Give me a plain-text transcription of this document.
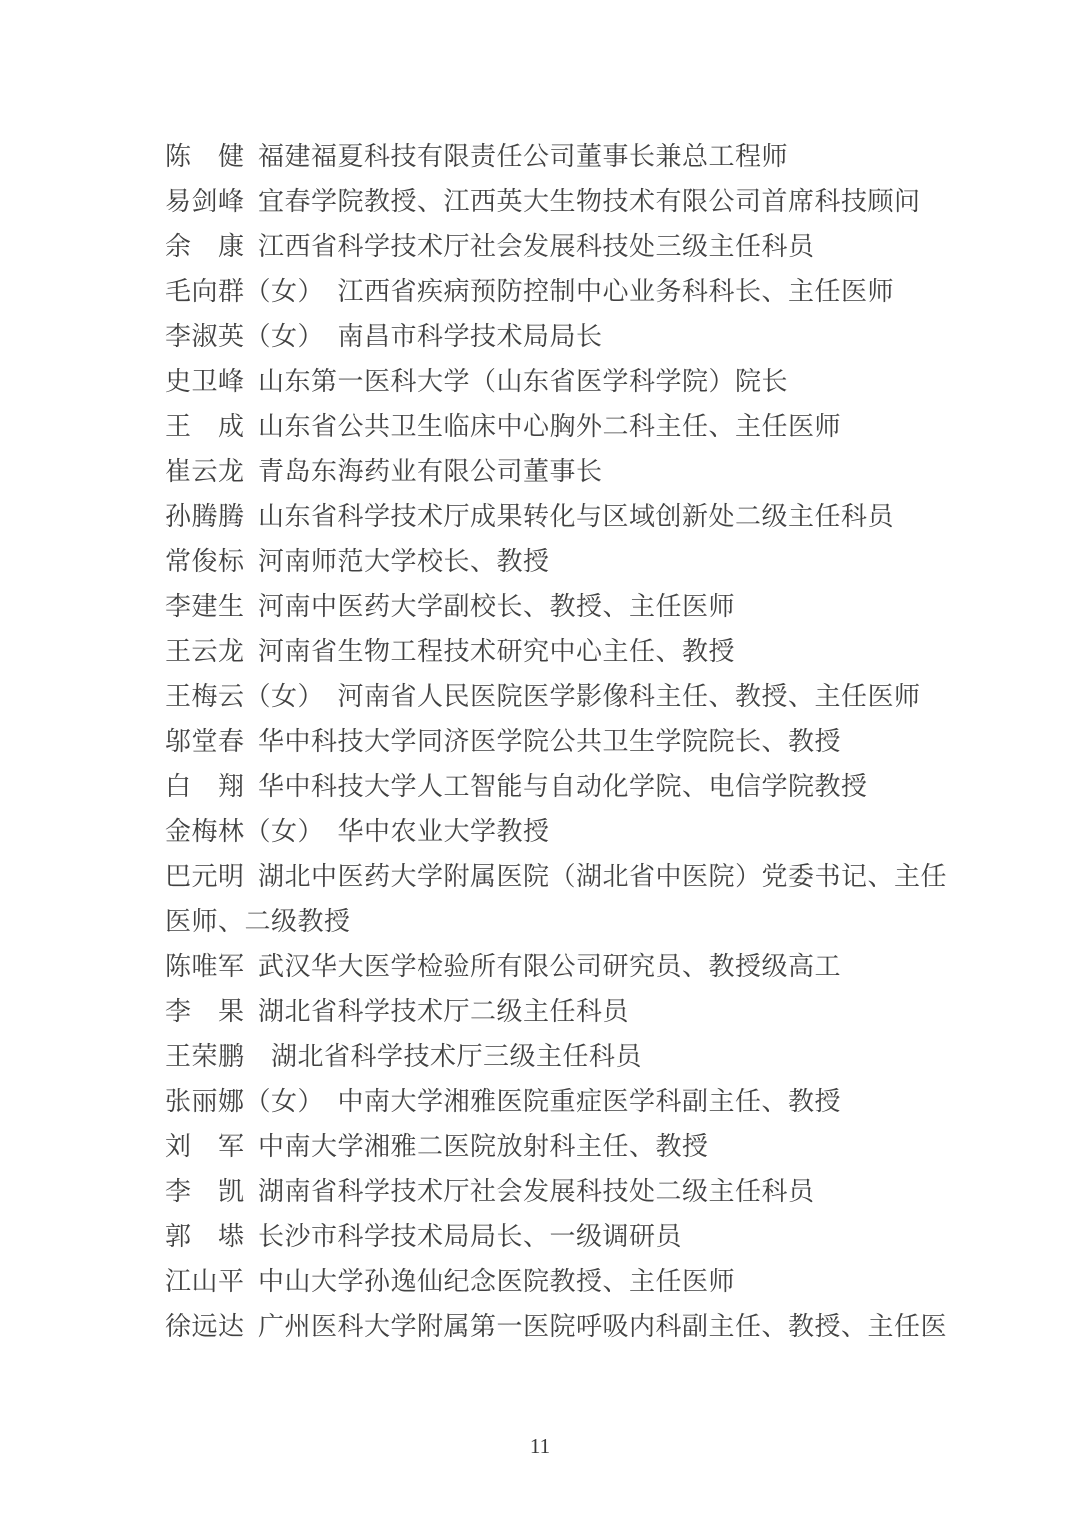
陈　健 福建福夏科技有限责任公司董事长兼总工程师
易剑峰 宜春学院教授、江西英大生物技术有限公司首席科技顾问
余　康 江西省科学技术厅社会发展科技处三级主任科员
毛向群（女）　江西省疾病预防控制中心业务科科长、主任医师
李淑英（女）　南昌市科学技术局局长
史卫峰 山东第一医科大学（山东省医学科学院）院长
王　成 山东省公共卫生临床中心胸外二科主任、主任医师
崔云龙 青岛东海药业有限公司董事长
孙腾腾 山东省科学技术厅成果转化与区域创新处二级主任科员
常俊标 河南师范大学校长、教授
李建生 河南中医药大学副校长、教授、主任医师
王云龙 河南省生物工程技术研究中心主任、教授
王梅云（女）　河南省人民医院医学影像科主任、教授、主任医师
邬堂春 华中科技大学同济医学院公共卫生学院院长、教授
白　翔 华中科技大学人工智能与自动化学院、电信学院教授
金梅林（女）　华中农业大学教授
巴元明 湖北中医药大学附属医院（湖北省中医院）党委书记、主任
医师、二级教授
陈唯军 武汉华大医学检验所有限公司研究员、教授级高工
李　果 湖北省科学技术厅二级主任科员
王荣鹏　湖北省科学技术厅三级主任科员
张丽娜（女）　中南大学湘雅医院重症医学科副主任、教授
刘　军 中南大学湘雅二医院放射科主任、教授
李　凯 湖南省科学技术厅社会发展科技处二级主任科员
郭　塨 长沙市科学技术局局长、一级调研员
江山平 中山大学孙逸仙纪念医院教授、主任医师
徐远达 广州医科大学附属第一医院呼吸内科副主任、教授、主任医
11
